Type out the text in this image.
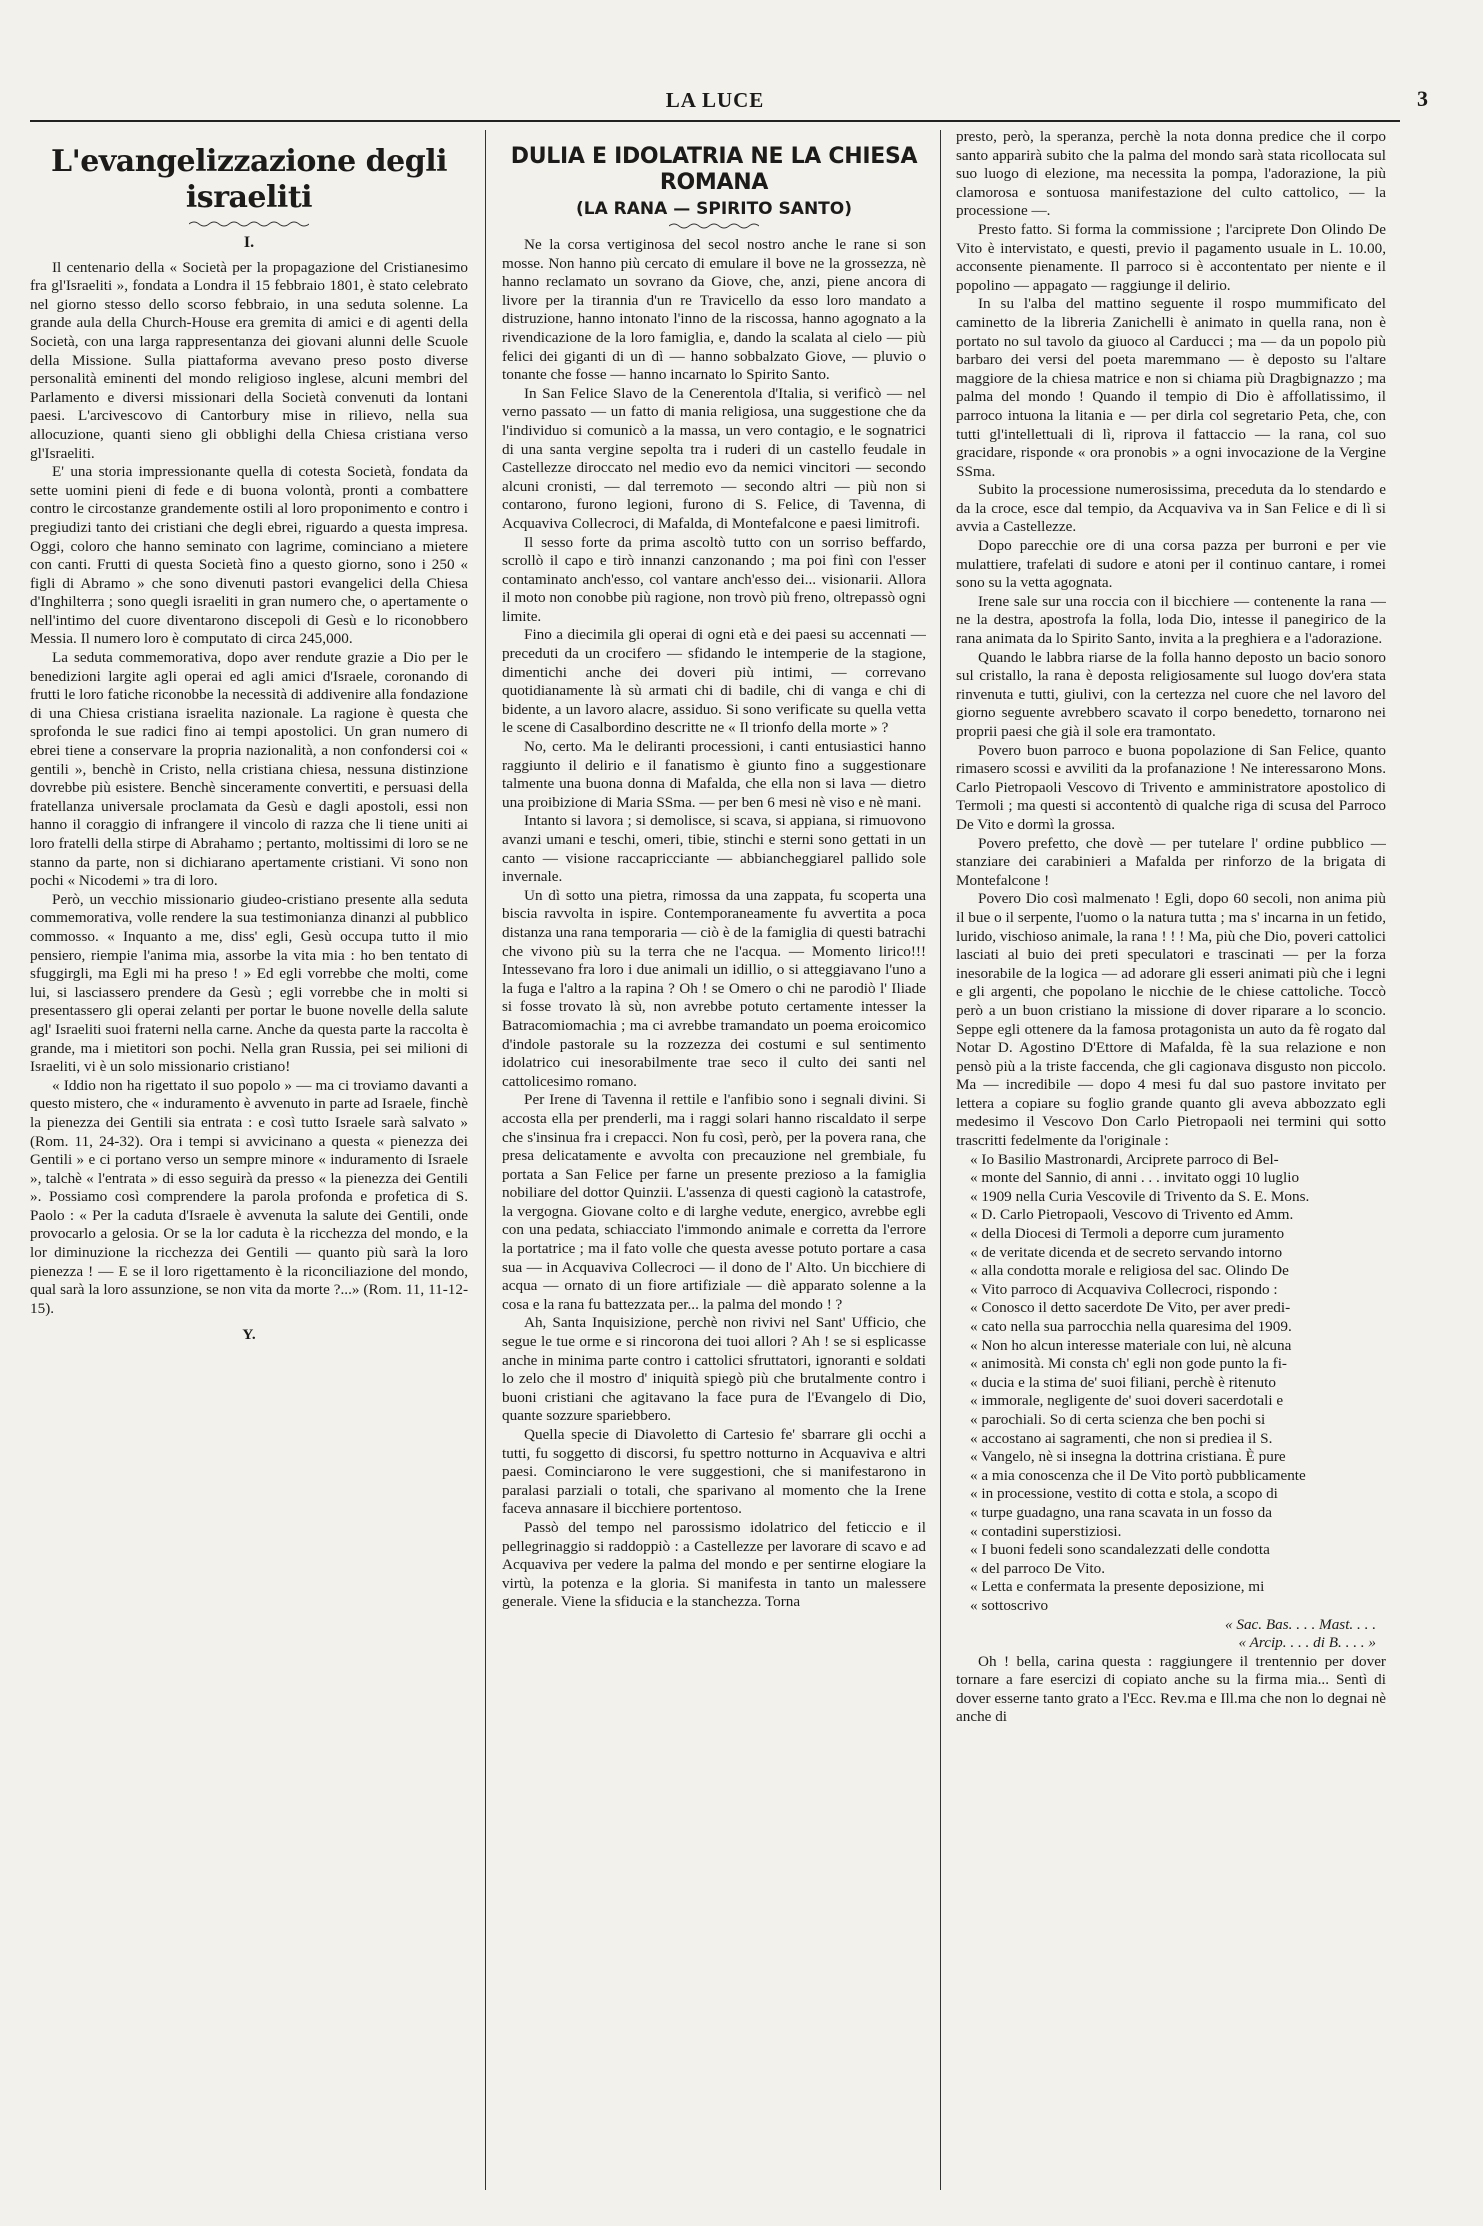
LA LUCE	3
L'evangelizzazione degli israeliti
I.

Il centenario della « Società per la propagazione del Cristianesimo fra gl'Israeliti », fondata a Londra il 15 febbraio 1801, è stato celebrato nel giorno stesso dello scorso febbraio, in una seduta solenne. La grande aula della Church-House era gremita di amici e di agenti della Società, con una larga rappresentanza dei giovani alunni delle Scuole della Missione. Sulla piattaforma avevano preso posto diverse personalità eminenti del mondo religioso inglese, alcuni membri del Parlamento e diversi missionari della Società convenuti da lontani paesi. L'arcivescovo di Cantorbury mise in rilievo, nella sua allocuzione, quanti sieno gli obblighi della Chiesa cristiana verso gl'Israeliti.

E' una storia impressionante quella di cotesta Società, fondata da sette uomini pieni di fede e di buona volontà, pronti a combattere contro le circostanze grandemente ostili al loro proponimento e contro i pregiudizi tanto dei cristiani che degli ebrei, riguardo a questa impresa. Oggi, coloro che hanno seminato con lagrime, cominciano a mietere con canti. Frutti di questa Società fino a questo giorno, sono i 250 « figli di Abramo » che sono divenuti pastori evangelici della Chiesa d'Inghilterra ; sono quegli israeliti in gran numero che, o apertamente o nell'intimo del cuore diventarono discepoli di Gesù e lo riconobbero Messia. Il numero loro è computato di circa 245,000.

La seduta commemorativa, dopo aver rendute grazie a Dio per le benedizioni largite agli operai ed agli amici d'Israele, coronando di frutti le loro fatiche riconobbe la necessità di addivenire alla fondazione di una Chiesa cristiana israelita nazionale. La ragione è questa che sprofonda le sue radici fino ai tempi apostolici. Un gran numero di ebrei tiene a conservare la propria nazionalità, a non confondersi coi « gentili », benchè in Cristo, nella cristiana chiesa, nessuna distinzione dovrebbe più esistere. Benchè sinceramente convertiti, e persuasi della fratellanza universale proclamata da Gesù e dagli apostoli, essi non hanno il coraggio di infrangere il vincolo di razza che li tiene uniti ai loro fratelli della stirpe di Abrahamo ; pertanto, moltissimi di loro se ne stanno da parte, non si dichiarano apertamente cristiani. Vi sono non pochi « Nicodemi » tra di loro.

Però, un vecchio missionario giudeo-cristiano presente alla seduta commemorativa, volle rendere la sua testimonianza dinanzi al pubblico commosso. « Inquanto a me, diss' egli, Gesù occupa tutto il mio pensiero, riempie l'anima mia, assorbe la vita mia : ho ben tentato di sfuggirgli, ma Egli mi ha preso ! » Ed egli vorrebbe che molti, come lui, si lasciassero prendere da Gesù ; egli vorrebbe che in molti si presentassero gli operai zelanti per portar le buone novelle della salute agl' Israeliti suoi fraterni nella carne. Anche da questa parte la raccolta è grande, ma i mietitori son pochi. Nella gran Russia, pei sei milioni di Israeliti, vi è un solo missionario cristiano!

« Iddio non ha rigettato il suo popolo » — ma ci troviamo davanti a questo mistero, che « induramento è avvenuto in parte ad Israele, finchè la pienezza dei Gentili sia entrata : e così tutto Israele sarà salvato » (Rom. 11, 24-32). Ora i tempi si avvicinano a questa « pienezza dei Gentili » e ci portano verso un sempre minore « induramento di Israele », talchè « l'entrata » di esso seguirà da presso « la pienezza dei Gentili ». Possiamo così comprendere la parola profonda e profetica di S. Paolo : « Per la caduta d'Israele è avvenuta la salute dei Gentili, onde provocarlo a gelosia. Or se la lor caduta è la ricchezza del mondo, e la lor diminuzione la ricchezza dei Gentili — quanto più sarà la loro pienezza ! — E se il loro rigettamento è la riconciliazione del mondo, qual sarà la loro assunzione, se non vita da morte ?...» (Rom. 11, 11-12-15).

Y.

DULIA E IDOLATRIA NE LA CHIESA ROMANA
(LA RANA — SPIRITO SANTO)

Ne la corsa vertiginosa del secol nostro anche le rane si son mosse. Non hanno più cercato di emulare il bove ne la grossezza, nè hanno reclamato un sovrano da Giove, che, anzi, piene ancora di livore per la tirannia d'un re Travicello da esso loro mandato a distruzione, hanno intonato l'inno de la riscossa, hanno agognato a la rivendicazione de la loro famiglia, e, dando la scalata al cielo — più felici dei giganti di un dì — hanno sobbalzato Giove, — pluvio o tonante che fosse — hanno incarnato lo Spirito Santo.

In San Felice Slavo de la Cenerentola d'Italia, si verificò — nel verno passato — un fatto di mania religiosa, una suggestione che da l'individuo si comunicò a la massa, un vero contagio, e le sognatrici di una santa vergine sepolta tra i ruderi di un castello feudale in Castellezze diroccato nel medio evo da nemici vincitori — secondo alcuni cronisti, — dal terremoto — secondo altri — più non si contarono, furono legioni, furono di S. Felice, di Tavenna, di Acquaviva Collecroci, di Mafalda, di Montefalcone e paesi limitrofi.

Il sesso forte da prima ascoltò tutto con un sorriso beffardo, scrollò il capo e tirò innanzi canzonando ; ma poi finì con l'esser contaminato anch'esso, col vantare anch'esso dei... visionarii. Allora il moto non conobbe più ragione, non trovò più freno, oltrepassò ogni limite.

Fino a diecimila gli operai di ogni età e dei paesi su accennati — preceduti da un crocifero — sfidando le intemperie de la stagione, dimentichi anche dei doveri più intimi, — correvano quotidianamente là sù armati chi di badile, chi di vanga e chi di bidente, a un lavoro alacre, assiduo. Si sono verificate su quella vetta le scene di Casalbordino descritte ne « Il trionfo della morte » ?

No, certo. Ma le deliranti processioni, i canti entusiastici hanno raggiunto il delirio e il fanatismo è giunto fino a suggestionare talmente una buona donna di Mafalda, che ella non si lava — dietro una proibizione di Maria SSma. — per ben 6 mesi nè viso e nè mani.

Intanto si lavora ; si demolisce, si scava, si appiana, si rimuovono avanzi umani e teschi, omeri, tibie, stinchi e sterni sono gettati in un canto — visione raccapricciante — abbiancheggiarel pallido sole invernale.

Un dì sotto una pietra, rimossa da una zappata, fu scoperta una biscia ravvolta in ispire. Contemporaneamente fu avvertita a poca distanza una rana temporaria — ciò è de la famiglia di questi batrachi che vivono più su la terra che ne l'acqua. — Momento lirico!!! Intessevano fra loro i due animali un idillio, o si atteggiavano l'uno a la fuga e l'altro a la rapina ? Oh ! se Omero o chi ne parodiò l' Iliade si fosse trovato là sù, non avrebbe potuto certamente intesser la Batracomiomachia ; ma ci avrebbe tramandato un poema eroicomico d'indole pastorale su la rozzezza dei costumi e sul sentimento idolatrico cui inesorabilmente trae seco il culto dei santi nel cattolicesimo romano.

Per Irene di Tavenna il rettile e l'anfibio sono i segnali divini. Si accosta ella per prenderli, ma i raggi solari hanno riscaldato il serpe che s'insinua fra i crepacci. Non fu così, però, per la povera rana, che presa delicatamente e avvolta con precauzione nel grembiale, fu portata a San Felice per farne un presente prezioso a la famiglia nobiliare del dottor Quinzii. L'assenza di questi cagionò la catastrofe, la vergogna. Giovane colto e di larghe vedute, energico, avrebbe egli con una pedata, schiacciato l'immondo animale e corretta da l'errore la portatrice ; ma il fato volle che questa avesse potuto portare a casa sua — in Acquaviva Collecroci — il dono de l' Alto. Un bicchiere di acqua — ornato di un fiore artifiziale — diè apparato solenne a la cosa e la rana fu battezzata per... la palma del mondo ! ?

Ah, Santa Inquisizione, perchè non rivivi nel Sant' Ufficio, che segue le tue orme e si rincorona dei tuoi allori ? Ah ! se si esplicasse anche in minima parte contro i cattolici sfruttatori, ignoranti e soldati lo zelo che il mostro d' iniquità spiegò più che brutalmente contro i buoni cristiani che agitavano la face pura de l'Evangelo di Dio, quante sozzure spariebbero.

Quella specie di Diavoletto di Cartesio fe' sbarrare gli occhi a tutti, fu soggetto di discorsi, fu spettro notturno in Acquaviva e altri paesi. Cominciarono le vere suggestioni, che si manifestarono in paralasi parziali o totali, che sparivano al momento che la Irene faceva annasare il bicchiere portentoso.

Passò del tempo nel parossismo idolatrico del feticcio e il pellegrinaggio si raddoppiò : a Castellezze per lavorare di scavo e ad Acquaviva per vedere la palma del mondo e per sentirne elogiare la virtù, la potenza e la gloria. Si manifesta in tanto un malessere generale. Viene la sfiducia e la stanchezza. Torna

presto, però, la speranza, perchè la nota donna predice che il corpo santo apparirà subito che la palma del mondo sarà stata ricollocata sul suo luogo di elezione, ma necessita la pompa, l'adorazione, la più clamorosa e sontuosa manifestazione del culto cattolico, — la processione —.

Presto fatto. Si forma la commissione ; l'arciprete Don Olindo De Vito è intervistato, e questi, previo il pagamento usuale in L. 10.00, acconsente pienamente. Il parroco si è accontentato per niente e il popolino — appagato — raggiunge il delirio.

In su l'alba del mattino seguente il rospo mummificato del caminetto de la libreria Zanichelli è animato in quella rana, non è portato no sul tavolo da giuoco al Carducci ; ma — da un popolo più barbaro dei versi del poeta maremmano — è deposto su l'altare maggiore de la chiesa matrice e non si chiama più Dragbignazzo ; ma palma del mondo ! Quando il tempio di Dio è affollatissimo, il parroco intuona la litania e — per dirla col segretario Peta, che, con tutti gl'intellettuali di lì, riprova il fattaccio — la rana, col suo gracidare, risponde « ora pronobis » a ogni invocazione de la Vergine SSma.

Subito la processione numerosissima, preceduta da lo stendardo e da la croce, esce dal tempio, da Acquaviva va in San Felice e di lì si avvia a Castellezze.

Dopo parecchie ore di una corsa pazza per burroni e per vie mulattiere, trafelati di sudore e atoni per il continuo cantare, i romei sono su la vetta agognata.

Irene sale sur una roccia con il bicchiere — contenente la rana — ne la destra, apostrofa la folla, loda Dio, intesse il panegirico de la rana animata da lo Spirito Santo, invita a la preghiera e a l'adorazione.

Quando le labbra riarse de la folla hanno deposto un bacio sonoro sul cristallo, la rana è deposta religiosamente sul luogo dov'era stata rinvenuta e tutti, giulivi, con la certezza nel cuore che nel lavoro del giorno seguente avrebbero scavato il corpo benedetto, tornarono nei proprii paesi che già il sole era tramontato.

Povero buon parroco e buona popolazione di San Felice, quanto rimasero scossi e avviliti da la profanazione ! Ne interessarono Mons. Carlo Pietropaoli Vescovo di Trivento e amministratore apostolico di Termoli ; ma questi si accontentò di qualche riga di scusa del Parroco De Vito e dormì la grossa.

Povero prefetto, che dovè — per tutelare l' ordine pubblico — stanziare dei carabinieri a Mafalda per rinforzo de la brigata di Montefalcone !

Povero Dio così malmenato ! Egli, dopo 60 secoli, non anima più il bue o il serpente, l'uomo o la natura tutta ; ma s' incarna in un fetido, lurido, vischioso animale, la rana ! ! ! Ma, più che Dio, poveri cattolici lasciati al buio dei preti speculatori e trascinati — per la forza inesorabile de la logica — ad adorare gli esseri animati più che i legni e gli argenti, che popolano le nicchie de le chiese cattoliche. Toccò però a un buon cristiano la missione di dover riparare a lo sconcio. Seppe egli ottenere da la famosa protagonista un auto da fè rogato dal Notar D. Agostino D'Ettore di Mafalda, fè la sua relazione e non pensò più a la triste faccenda, che gli cagionava disgusto non piccolo. Ma — incredibile — dopo 4 mesi fu dal suo pastore invitato per lettera a copiare su foglio grande quanto gli aveva abbozzato egli medesimo il Vescovo Don Carlo Pietropaoli nei termini qui sotto trascritti fedelmente da l'originale :

« Io Basilio Mastronardi, Arciprete parroco di Bel-

« monte del Sannio, di anni . . . invitato oggi 10 luglio

« 1909 nella Curia Vescovile di Trivento da S. E. Mons.

« D. Carlo Pietropaoli, Vescovo di Trivento ed Amm.

« della Diocesi di Termoli a deporre cum juramento

« de veritate dicenda et de secreto servando intorno

« alla condotta morale e religiosa del sac. Olindo De

« Vito parroco di Acquaviva Collecroci, rispondo :

« Conosco il detto sacerdote De Vito, per aver predi-

« cato nella sua parrocchia nella quaresima del 1909.

« Non ho alcun interesse materiale con lui, nè alcuna

« animosità. Mi consta ch' egli non gode punto la fi-

« ducia e la stima de' suoi filiani, perchè è ritenuto

« immorale, negligente de' suoi doveri sacerdotali e

« parochiali. So di certa scienza che ben pochi si

« accostano ai sagramenti, che non si prediea il S.

« Vangelo, nè si insegna la dottrina cristiana. È pure

« a mia conoscenza che il De Vito portò pubblicamente

« in processione, vestito di cotta e stola, a scopo di

« turpe guadagno, una rana scavata in un fosso da

« contadini superstiziosi.

« I buoni fedeli sono scandalezzati delle condotta

« del parroco De Vito.

« Letta e confermata la presente deposizione, mi

« sottoscrivo

« Sac. Bas. . . . Mast. . . .

« Arcip. . . . di B. . . . »

Oh ! bella, carina questa : raggiungere il trentennio per dover tornare a fare esercizi di copiato anche su la firma mia... Sentì di dover esserne tanto grato a l'Ecc. Rev.ma e Ill.ma che non lo degnai nè anche di
